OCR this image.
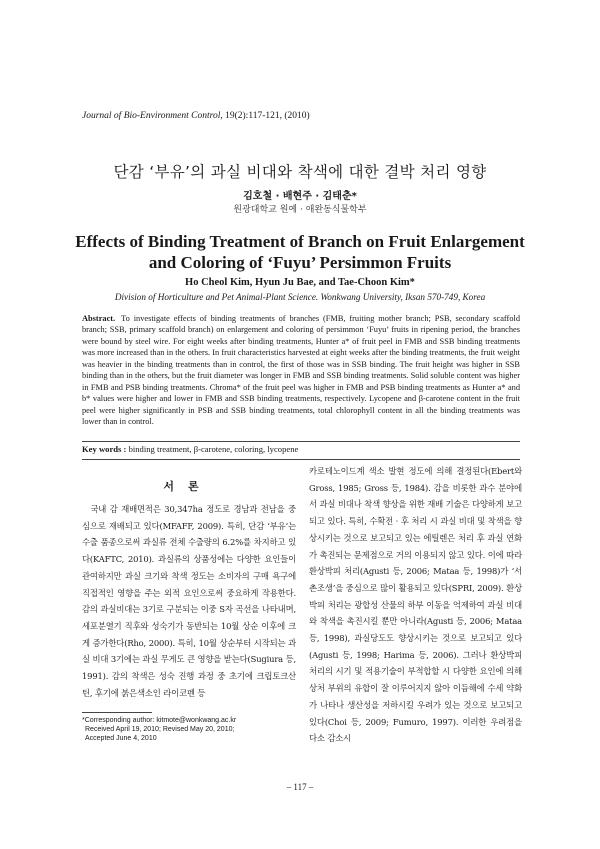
Journal of Bio-Environment Control, 19(2):117-121, (2010)
단감 ‘부유’의 과실 비대와 착색에 대한 결박 처리 영향
김호철 · 배현주 · 김태춘*
원광대학교 원예 · 애완동식물학부
Effects of Binding Treatment of Branch on Fruit Enlargement and Coloring of ‘Fuyu’ Persimmon Fruits
Ho Cheol Kim, Hyun Ju Bae, and Tae-Choon Kim*
Division of Horticulture and Pet Animal-Plant Science. Wonkwang University, Iksan 570-749, Korea
Abstract. To investigate effects of binding treatments of branches (FMB, fruiting mother branch; PSB, secondary scaffold branch; SSB, primary scaffold branch) on enlargement and coloring of persimmon ‘Fuyu’ fruits in ripening period, the branches were bound by steel wire. For eight weeks after binding treatments, Hunter a* of fruit peel in FMB and SSB binding treatments was more increased than in the others. In fruit characteristics harvested at eight weeks after the binding treatments, the fruit weight was heavier in the binding treatments than in control, the first of those was in SSB binding. The fruit height was higher in SSB binding than in the others, but the fruit diameter was longer in FMB and SSB binding treatments. Solid soluble content was higher in FMB and PSB binding treatments. Chroma* of the fruit peel was higher in FMB and PSB binding treatments as Hunter a* and b* values were higher and lower in FMB and SSB binding treatments, respectively. Lycopene and β-carotene content in the fruit peel were higher significantly in PSB and SSB binding treatments, total chlorophyll content in all the binding treatments was lower than in control.
Key words : binding treatment, β-carotene, coloring, lycopene
서론
국내 감 재배면적은 30,347ha 정도로 경남과 전남을 중심으로 재배되고 있다(MFAFF, 2009). 특히, 단감 ‘부유’는 수출 품종으로써 과실류 전체 수출량의 6.2%를 차지하고 있다(KAFTC, 2010). 과실류의 상품성에는 다양한 요인들이 관여하지만 과실 크기와 착색 정도는 소비자의 구매 욕구에 직접적인 영향을 주는 외적 요인으로써 중요하게 작용한다. 감의 과실비대는 3기로 구분되는 이중 S자 곡선을 나타내며, 세포분열기 직후와 성숙기가 동반되는 10월 상순 이후에 크게 증가한다(Rho, 2000). 특히, 10월 상순부터 시작되는 과실 비대 3기에는 과실 무게도 큰 영향을 받는다(Sugiura 등, 1991). 감의 착색은 성숙 진행 과정 중 초기에 크립토크산틴, 후기에 붉은색소인 라이코펜 등
카로테노이드계 색소 발현 정도에 의해 결정된다(Ebert와 Gross, 1985; Gross 등, 1984). 감을 비롯한 과수 분야에서 과실 비대나 착색 향상을 위한 재배 기술은 다양하게 보고되고 있다. 특히, 수확전 · 후 처리 시 과실 비대 및 착색을 향상시키는 것으로 보고되고 있는 에틸렌은 처리 후 과실 연화가 촉진되는 문제점으로 거의 이용되지 않고 있다. 이에 따라 환상박피 처리(Agusti 등, 2006; Mataa 등, 1998)가 ‘서촌조생’을 중심으로 많이 활용되고 있다(SPRI, 2009). 환상박피 처리는 광합성 산물의 하부 이동을 억제하여 과실 비대와 착색을 촉진시킬 뿐만 아니라(Agusti 등, 2006; Mataa 등, 1998), 과실당도도 향상시키는 것으로 보고되고 있다(Agusti 등, 1998; Harima 등, 2006). 그러나 환상박피 처리의 시기 및 적용기술이 부적합할 시 다양한 요인에 의해 상처 부위의 유합이 잘 이루어지지 않아 이듬해에 수세 약화가 나타나 생산성을 저하시킬 우려가 있는 것으로 보고되고 있다(Choi 등, 2009; Fumuro, 1997). 이러한 우려점을 다소 감소시
*Corresponding author: kitmote@wonkwang.ac.kr
Received April 19, 2010; Revised May 20, 2010;
Accepted June 4, 2010
– 117 –
